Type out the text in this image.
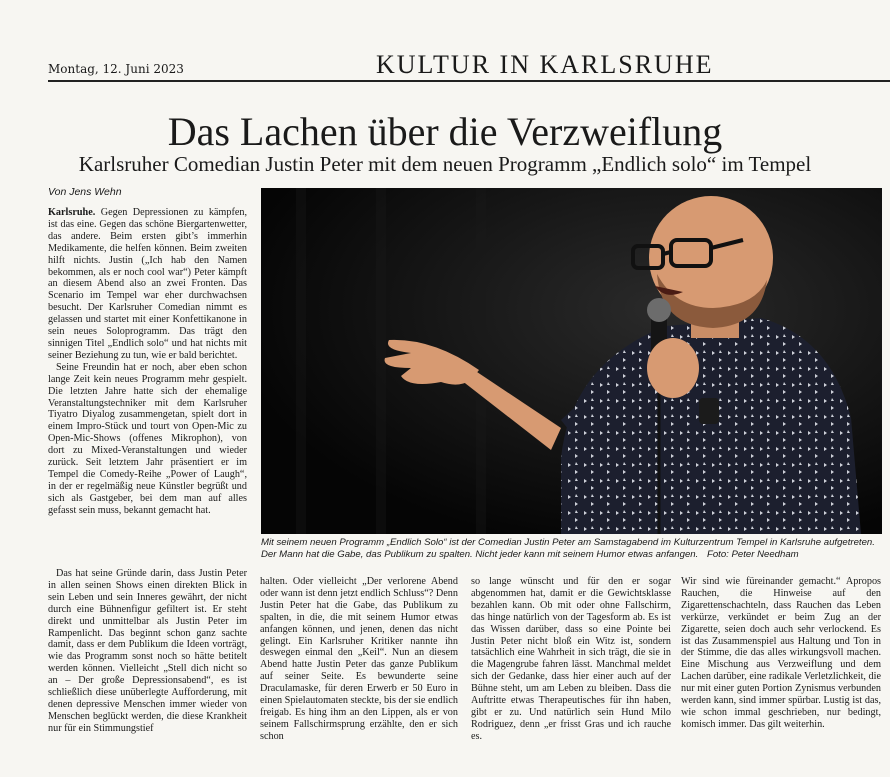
Montag, 12. Juni 2023	KULTUR IN KARLSRUHE
Das Lachen über die Verzweiflung
Karlsruher Comedian Justin Peter mit dem neuen Programm „Endlich solo“ im Tempel
Von Jens Wehn

Karlsruhe. Gegen Depressionen zu kämpfen, ist das eine. Gegen das schöne Biergartenwetter, das andere. Beim ersten gibt’s immerhin Medikamente, die helfen können. Beim zweiten hilft nichts. Justin („Ich hab den Namen bekommen, als er noch cool war“) Peter kämpft an diesem Abend also an zwei Fronten. Das Scenario im Tempel war eher durchwachsen besucht. Der Karlsruher Comedian nimmt es gelassen und startet mit einer Konfettikanone in sein neues Soloprogramm. Das trägt den sinnigen Titel „Endlich solo“ und hat nichts mit seiner Beziehung zu tun, wie er bald berichtet.

Seine Freundin hat er noch, aber eben schon lange Zeit kein neues Programm mehr gespielt. Die letzten Jahre hatte sich der ehemalige Veranstaltungstechniker mit dem Karlsruher Tiyatro Diyalog zusammengetan, spielt dort in einem Impro-Stück und tourt von Open-Mic zu Open-Mic-Shows (offenes Mikrophon), von dort zu Mixed-Veranstaltungen und wieder zurück. Seit letztem Jahr präsentiert er im Tempel die Comedy-Reihe „Power of Laugh“, in der er regelmäßig neue Künstler begrüßt und sich als Gastgeber, bei dem man auf alles gefasst sein muss, bekannt gemacht hat.

Das hat seine Gründe darin, dass Justin Peter in allen seinen Shows einen direkten Blick in sein Leben und sein Inneres gewährt, der nicht durch eine Bühnenfigur gefiltert ist. Er steht direkt und unmittelbar als Justin Peter im Rampenlicht. Das beginnt schon ganz sachte damit, dass er dem Publikum die Ideen vorträgt, wie das Programm sonst noch so hätte betitelt werden können. Vielleicht „Stell dich nicht so an – Der große Depressionsabend“, es ist schließlich diese unüberlegte Aufforderung, mit denen depressive Menschen immer wieder von Menschen beglückt werden, die diese Krankheit nur für ein Stimmungstief

halten. Oder vielleicht „Der verlorene Abend oder wann ist denn jetzt endlich Schluss“? Denn Justin Peter hat die Gabe, das Publikum zu spalten, in die, die mit seinem Humor etwas anfangen können, und jenen, denen das nicht gelingt. Ein Karlsruher Kritiker nannte ihn deswegen einmal den „Keil“. Nun an diesem Abend hatte Justin Peter das ganze Publikum auf seiner Seite. Es bewunderte seine Draculamaske, für deren Erwerb er 50 Euro in einen Spielautomaten steckte, bis der sie endlich freigab. Es hing ihm an den Lippen, als er von seinem Fallschirmsprung erzählte, den er sich schon

so lange wünscht und für den er sogar abgenommen hat, damit er die Gewichtsklasse bezahlen kann. Ob mit oder ohne Fallschirm, das hinge natürlich von der Tagesform ab. Es ist das Wissen darüber, dass so eine Pointe bei Justin Peter nicht bloß ein Witz ist, sondern tatsächlich eine Wahrheit in sich trägt, die sie in die Magengrube fahren lässt. Manchmal meldet sich der Gedanke, dass hier einer auch auf der Bühne steht, um am Leben zu bleiben. Dass die Auftritte etwas Therapeutisches für ihn haben, gibt er zu. Und natürlich sein Hund Milo Rodriguez, denn „er frisst Gras und ich rauche es.

Wir sind wie füreinander gemacht.“ Apropos Rauchen, die Hinweise auf den Zigarettenschachteln, dass Rauchen das Leben verkürze, verkündet er beim Zug an der Zigarette, seien doch auch sehr verlockend. Es ist das Zusammenspiel aus Haltung und Ton in der Stimme, die das alles wirkungsvoll machen. Eine Mischung aus Verzweiflung und dem Lachen darüber, eine radikale Verletzlichkeit, die nur mit einer guten Portion Zynismus verbunden werden kann, sind immer spürbar. Lustig ist das, wie schon immal geschrieben, nur bedingt, komisch immer. Das gilt weiterhin.

Mit seinem neuen Programm „Endlich Solo“ ist der Comedian Justin Peter am Samstagabend im Kulturzentrum Tempel in Karlsruhe aufgetreten. Der Mann hat die Gabe, das Publikum zu spalten. Nicht jeder kann mit seinem Humor etwas anfangen. Foto: Peter Needham
